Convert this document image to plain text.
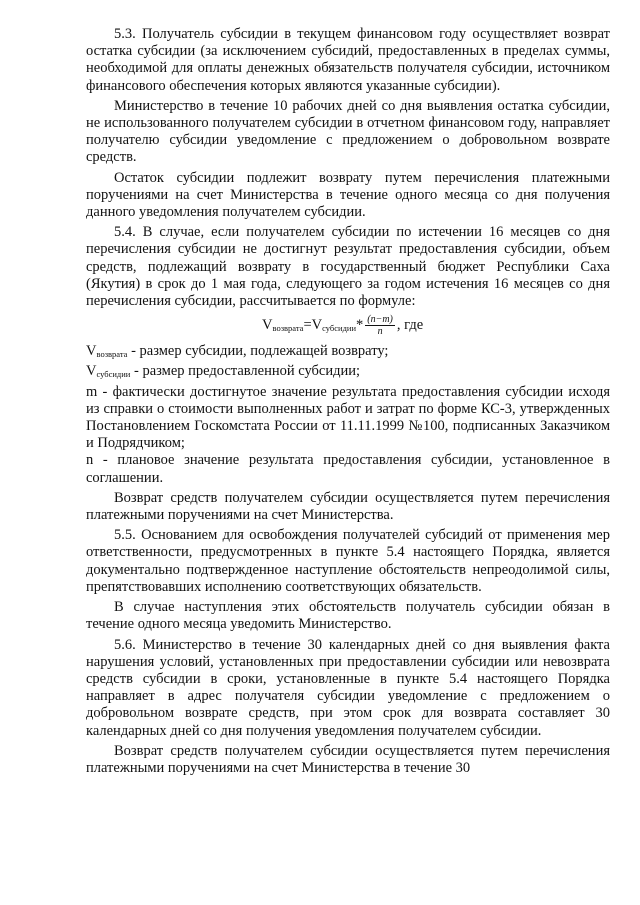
5.3. Получатель субсидии в текущем финансовом году осуществляет возврат остатка субсидии (за исключением субсидий, предоставленных в пределах суммы, необходимой для оплаты денежных обязательств получателя субсидии, источником финансового обеспечения которых являются указанные субсидии).

Министерство в течение 10 рабочих дней со дня выявления остатка субсидии, не использованного получателем субсидии в отчетном финансовом году, направляет получателю субсидии уведомление с предложением о добровольном возврате средств.

Остаток субсидии подлежит возврату путем перечисления платежными поручениями на счет Министерства в течение одного месяца со дня получения данного уведомления получателем субсидии.

5.4. В случае, если получателем субсидии по истечении 16 месяцев со дня перечисления субсидии не достигнут результат предоставления субсидии, объем средств, подлежащий возврату в государственный бюджет Республики Саха (Якутия) в срок до 1 мая года, следующего за годом истечения 16 месяцев со дня перечисления субсидии, рассчитывается по формуле:

$V_{возврата}=V_{субсидии}* \frac{(n-m)}{n}$ , где

$V_{возврата}$ - размер субсидии, подлежащей возврату;

$V_{субсидии}$ - размер предоставленной субсидии;

m - фактически достигнутое значение результата предоставления субсидии исходя из справки о стоимости выполненных работ и затрат по форме КС-3, утвержденных Постановлением Госкомстата России от 11.11.1999 №100, подписанных Заказчиком и Подрядчиком;

n - плановое значение результата предоставления субсидии, установленное в соглашении.

Возврат средств получателем субсидии осуществляется путем перечисления платежными поручениями на счет Министерства.

5.5. Основанием для освобождения получателей субсидий от применения мер ответственности, предусмотренных в пункте 5.4 настоящего Порядка, является документально подтвержденное наступление обстоятельств непреодолимой силы, препятствовавших исполнению соответствующих обязательств.

В случае наступления этих обстоятельств получатель субсидии обязан в течение одного месяца уведомить Министерство.

5.6. Министерство в течение 30 календарных дней со дня выявления факта нарушения условий, установленных при предоставлении субсидии или невозврата средств субсидии в сроки, установленные в пункте 5.4 настоящего Порядка направляет в адрес получателя субсидии уведомление с предложением о добровольном возврате средств, при этом срок для возврата составляет 30 календарных дней со дня получения уведомления получателем субсидии.

Возврат средств получателем субсидии осуществляется путем перечисления платежными поручениями на счет Министерства в течение 30
